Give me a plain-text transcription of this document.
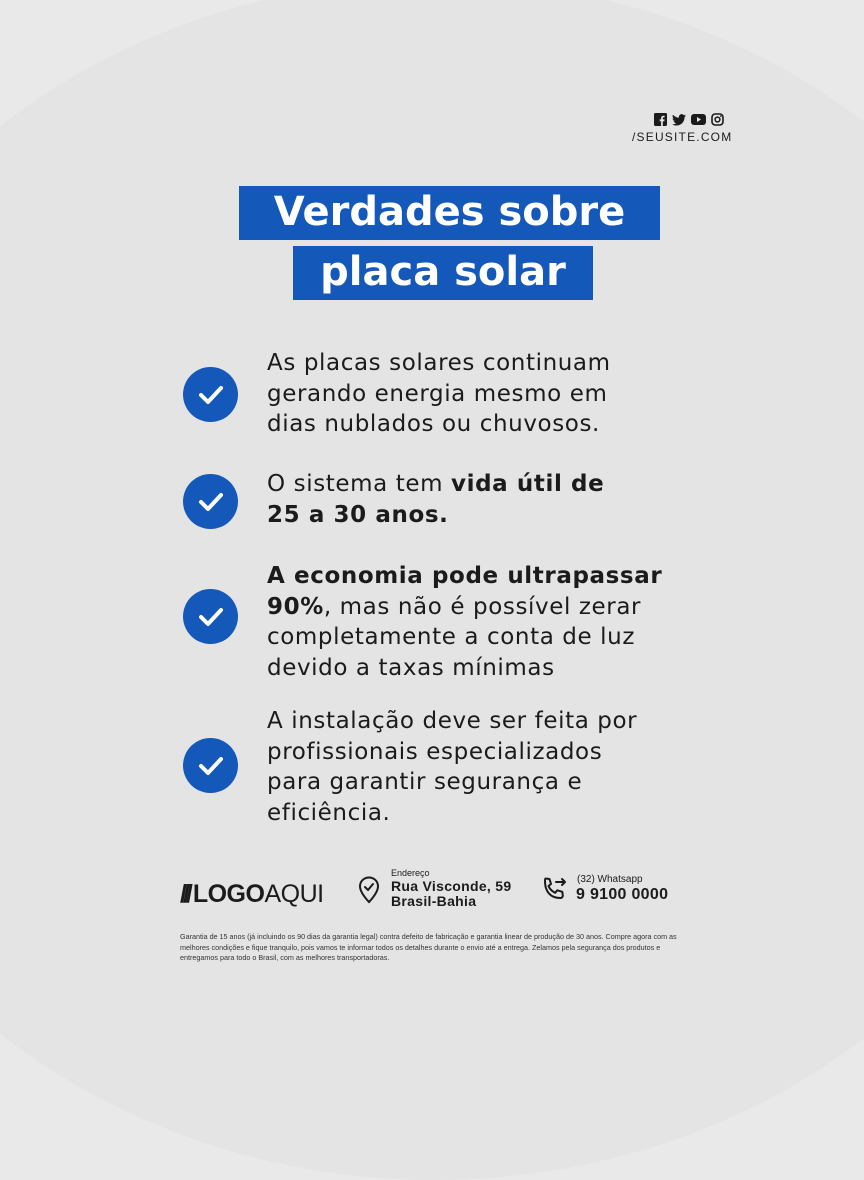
/SEUSITE.COM
Verdades sobre
placa solar
As placas solares continuam
gerando energia mesmo em
dias nublados ou chuvosos.
O sistema tem vida útil de
25 a 30 anos.
A economia pode ultrapassar
90%, mas não é possível zerar
completamente a conta de luz
devido a taxas mínimas
A instalação deve ser feita por
profissionais especializados
para garantir segurança e
eficiência.
/// LOGO AQUI
Endereço
Rua Visconde, 59
Brasil-Bahia
(32) Whatsapp
9 9100 0000
Garantia de 15 anos (já incluindo os 90 dias da garantia legal) contra defeito de fabricação e garantia linear de produção de 30 anos. Compre agora com as melhores condições e fique tranquilo, pois vamos te informar todos os detalhes durante o envio até a entrega. Zelamos pela segurança dos produtos e entregamos para todo o Brasil, com as melhores transportadoras.
